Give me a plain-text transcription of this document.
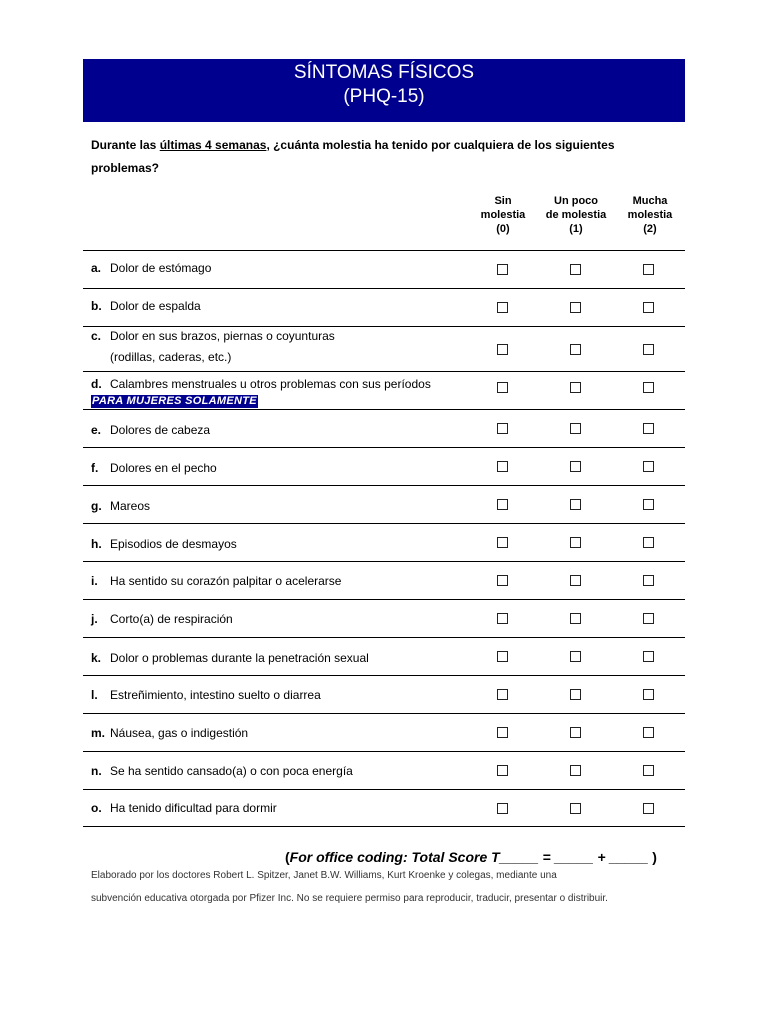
SÍNTOMAS FÍSICOS
(PHQ-15)
Durante las últimas 4 semanas, ¿cuánta molestia ha tenido por cualquiera de los siguientes problemas?
Sin
molestia
(0)
Un poco
de molestia
(1)
Mucha
molestia
(2)
a. Dolor de estómago
b. Dolor de espalda
c. Dolor en sus brazos, piernas o coyunturas
(rodillas, caderas, etc.)
d. Calambres menstruales u otros problemas con sus períodos
PARA MUJERES SOLAMENTE
e. Dolores de cabeza
f. Dolores en el pecho
g. Mareos
h. Episodios de desmayos
i. Ha sentido su corazón palpitar o acelerarse
j. Corto(a) de respiración
k. Dolor o problemas durante la penetración sexual
l. Estreñimiento, intestino suelto o diarrea
m. Náusea, gas o indigestión
n. Se ha sentido cansado(a) o con poca energía
o. Ha tenido dificultad para dormir
(For office coding: Total Score T_____ = _____ + _____ )
Elaborado por los doctores Robert L. Spitzer, Janet B.W. Williams, Kurt Kroenke y colegas, mediante una
subvención educativa otorgada por Pfizer Inc. No se requiere permiso para reproducir, traducir, presentar o distribuir.
